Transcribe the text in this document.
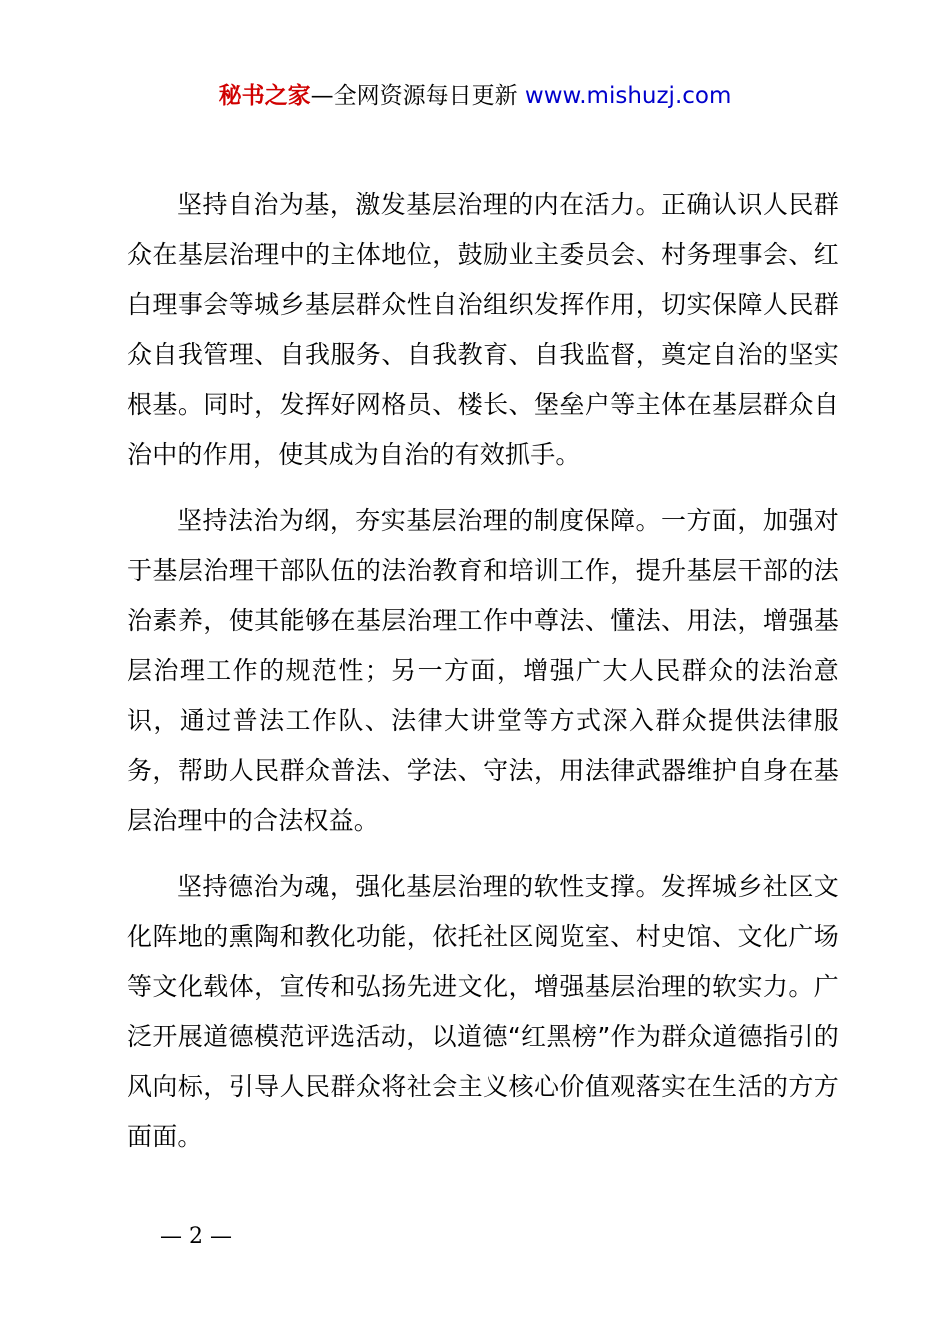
秘书之家—全网资源每日更新 www.mishuzj.com

坚持自治为基，激发基层治理的内在活力。正确认识人民群众在基层治理中的主体地位，鼓励业主委员会、村务理事会、红白理事会等城乡基层群众性自治组织发挥作用，切实保障人民群众自我管理、自我服务、自我教育、自我监督，奠定自治的坚实根基。同时，发挥好网格员、楼长、堡垒户等主体在基层群众自治中的作用，使其成为自治的有效抓手。

坚持法治为纲，夯实基层治理的制度保障。一方面，加强对于基层治理干部队伍的法治教育和培训工作，提升基层干部的法治素养，使其能够在基层治理工作中尊法、懂法、用法，增强基层治理工作的规范性；另一方面，增强广大人民群众的法治意识，通过普法工作队、法律大讲堂等方式深入群众提供法律服务，帮助人民群众普法、学法、守法，用法律武器维护自身在基层治理中的合法权益。

坚持德治为魂，强化基层治理的软性支撑。发挥城乡社区文化阵地的熏陶和教化功能，依托社区阅览室、村史馆、文化广场等文化载体，宣传和弘扬先进文化，增强基层治理的软实力。广泛开展道德模范评选活动，以道德“红黑榜”作为群众道德指引的风向标，引导人民群众将社会主义核心价值观落实在生活的方方面面。

— 2 —
